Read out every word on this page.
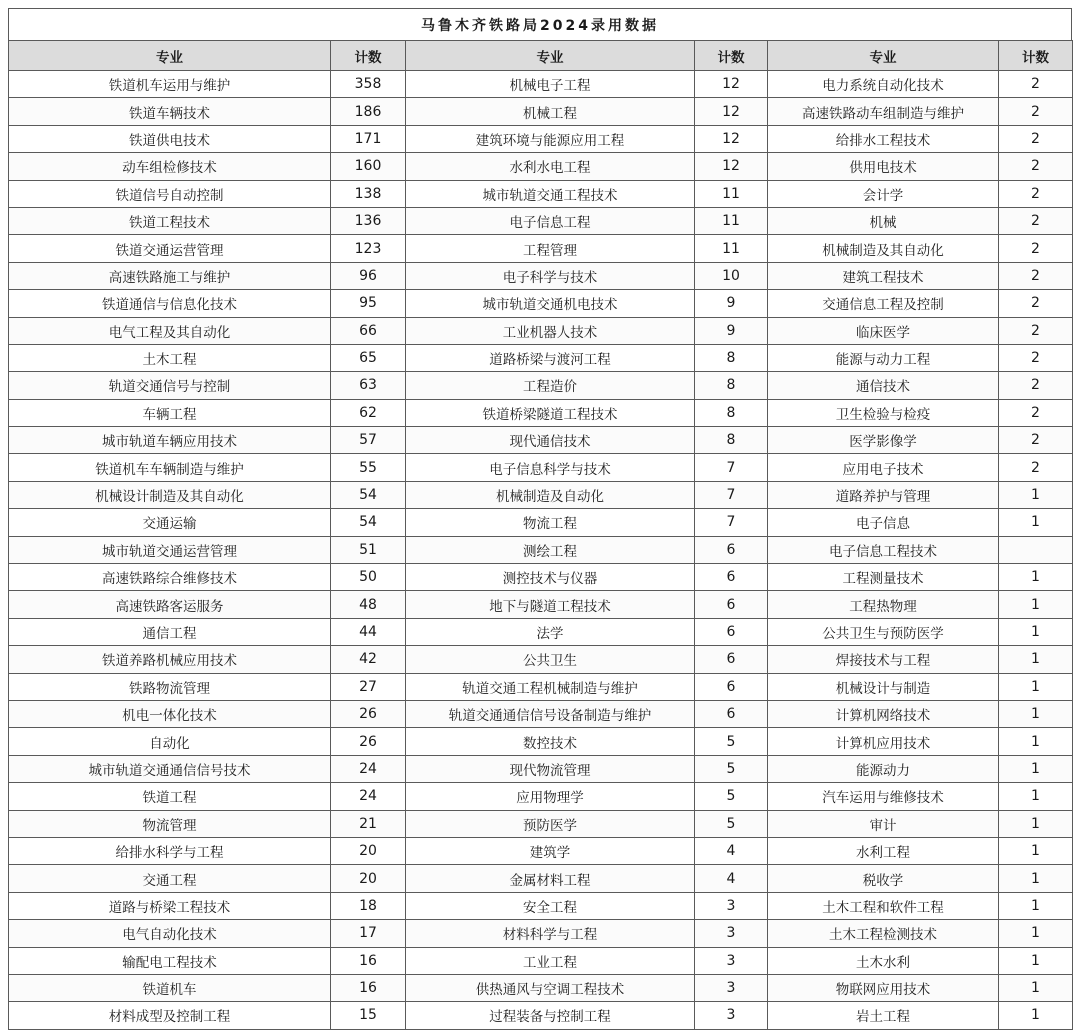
马鲁木齐铁路局2024录用数据
专业	计数	专业	计数	专业	计数
铁道机车运用与维护	358	机械电子工程	12	电力系统自动化技术	2
铁道车辆技术	186	机械工程	12	高速铁路动车组制造与维护	2
铁道供电技术	171	建筑环境与能源应用工程	12	给排水工程技术	2
动车组检修技术	160	水利水电工程	12	供用电技术	2
铁道信号自动控制	138	城市轨道交通工程技术	11	会计学	2
铁道工程技术	136	电子信息工程	11	机械	2
铁道交通运营管理	123	工程管理	11	机械制造及其自动化	2
高速铁路施工与维护	96	电子科学与技术	10	建筑工程技术	2
铁道通信与信息化技术	95	城市轨道交通机电技术	9	交通信息工程及控制	2
电气工程及其自动化	66	工业机器人技术	9	临床医学	2
土木工程	65	道路桥梁与渡河工程	8	能源与动力工程	2
轨道交通信号与控制	63	工程造价	8	通信技术	2
车辆工程	62	铁道桥梁隧道工程技术	8	卫生检验与检疫	2
城市轨道车辆应用技术	57	现代通信技术	8	医学影像学	2
铁道机车车辆制造与维护	55	电子信息科学与技术	7	应用电子技术	2
机械设计制造及其自动化	54	机械制造及自动化	7	道路养护与管理	1
交通运输	54	物流工程	7	电子信息	1
城市轨道交通运营管理	51	测绘工程	6	电子信息工程技术	
高速铁路综合维修技术	50	测控技术与仪器	6	工程测量技术	1
高速铁路客运服务	48	地下与隧道工程技术	6	工程热物理	1
通信工程	44	法学	6	公共卫生与预防医学	1
铁道养路机械应用技术	42	公共卫生	6	焊接技术与工程	1
铁路物流管理	27	轨道交通工程机械制造与维护	6	机械设计与制造	1
机电一体化技术	26	轨道交通通信信号设备制造与维护	6	计算机网络技术	1
自动化	26	数控技术	5	计算机应用技术	1
城市轨道交通通信信号技术	24	现代物流管理	5	能源动力	1
铁道工程	24	应用物理学	5	汽车运用与维修技术	1
物流管理	21	预防医学	5	审计	1
给排水科学与工程	20	建筑学	4	水利工程	1
交通工程	20	金属材料工程	4	税收学	1
道路与桥梁工程技术	18	安全工程	3	土木工程和软件工程	1
电气自动化技术	17	材料科学与工程	3	土木工程检测技术	1
输配电工程技术	16	工业工程	3	土木水利	1
铁道机车	16	供热通风与空调工程技术	3	物联网应用技术	1
材料成型及控制工程	15	过程装备与控制工程	3	岩土工程	1
